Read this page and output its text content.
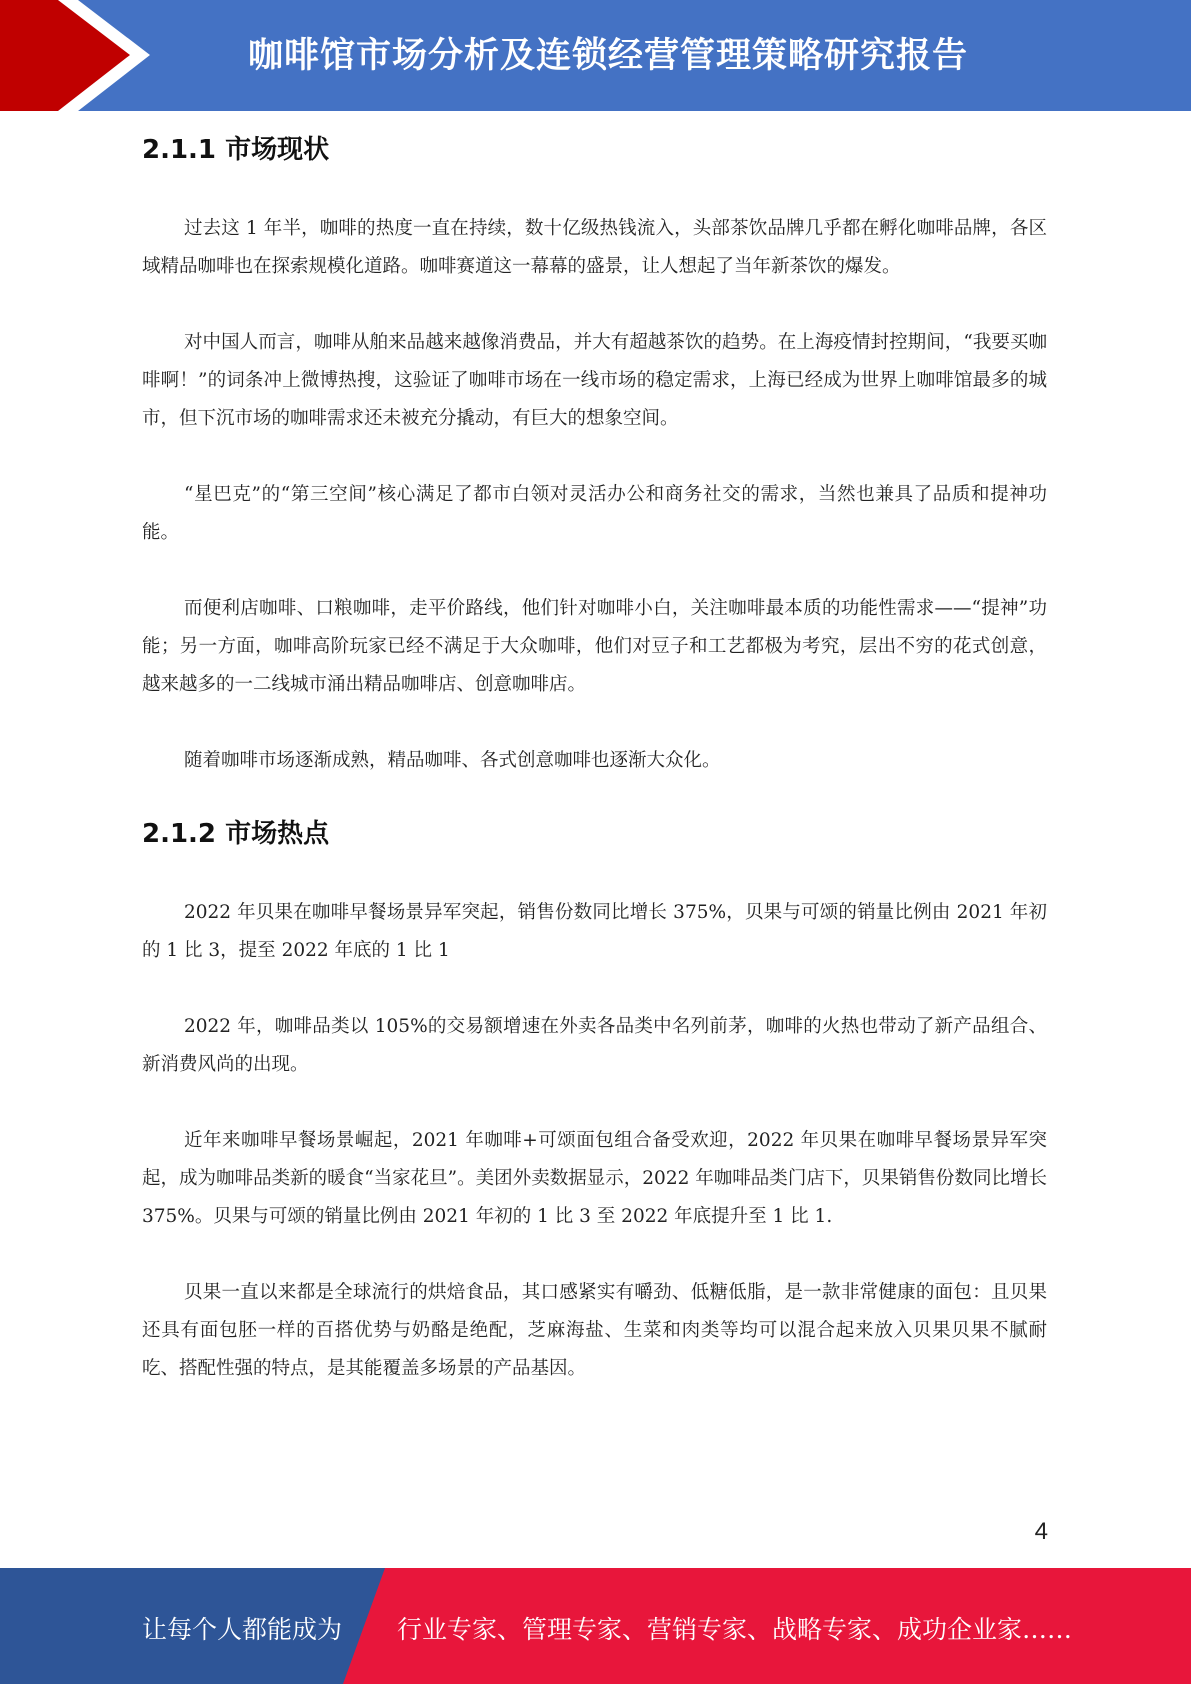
咖啡馆市场分析及连锁经营管理策略研究报告
2.1.1 市场现状

过去这 1 年半，咖啡的热度一直在持续，数十亿级热钱流入，头部茶饮品牌几乎都在孵化咖啡品牌，各区域精品咖啡也在探索规模化道路。咖啡赛道这一幕幕的盛景，让人想起了当年新茶饮的爆发。

对中国人而言，咖啡从舶来品越来越像消费品，并大有超越茶饮的趋势。在上海疫情封控期间，“我要买咖啡啊！”的词条冲上微博热搜，这验证了咖啡市场在一线市场的稳定需求，上海已经成为世界上咖啡馆最多的城市，但下沉市场的咖啡需求还未被充分撬动，有巨大的想象空间。

“星巴克”的“第三空间”核心满足了都市白领对灵活办公和商务社交的需求，当然也兼具了品质和提神功能。

而便利店咖啡、口粮咖啡，走平价路线，他们针对咖啡小白，关注咖啡最本质的功能性需求——“提神”功能；另一方面，咖啡高阶玩家已经不满足于大众咖啡，他们对豆子和工艺都极为考究，层出不穷的花式创意，越来越多的一二线城市涌出精品咖啡店、创意咖啡店。

随着咖啡市场逐渐成熟，精品咖啡、各式创意咖啡也逐渐大众化。

2.1.2 市场热点

2022 年贝果在咖啡早餐场景异军突起，销售份数同比增长 375%，贝果与可颂的销量比例由 2021 年初的 1 比 3，提至 2022 年底的 1 比 1

2022 年，咖啡品类以 105%的交易额增速在外卖各品类中名列前茅，咖啡的火热也带动了新产品组合、新消费风尚的出现。

近年来咖啡早餐场景崛起，2021 年咖啡+可颂面包组合备受欢迎，2022 年贝果在咖啡早餐场景异军突起，成为咖啡品类新的暖食“当家花旦”。美团外卖数据显示，2022 年咖啡品类门店下，贝果销售份数同比增长 375%。贝果与可颂的销量比例由 2021 年初的 1 比 3 至 2022 年底提升至 1 比 1.

贝果一直以来都是全球流行的烘焙食品，其口感紧实有嚼劲、低糖低脂，是一款非常健康的面包：且贝果还具有面包胚一样的百搭优势与奶酪是绝配，芝麻海盐、生菜和肉类等均可以混合起来放入贝果贝果不腻耐吃、搭配性强的特点，是其能覆盖多场景的产品基因。

4
让每个人都能成为 行业专家、管理专家、营销专家、战略专家、成功企业家……
